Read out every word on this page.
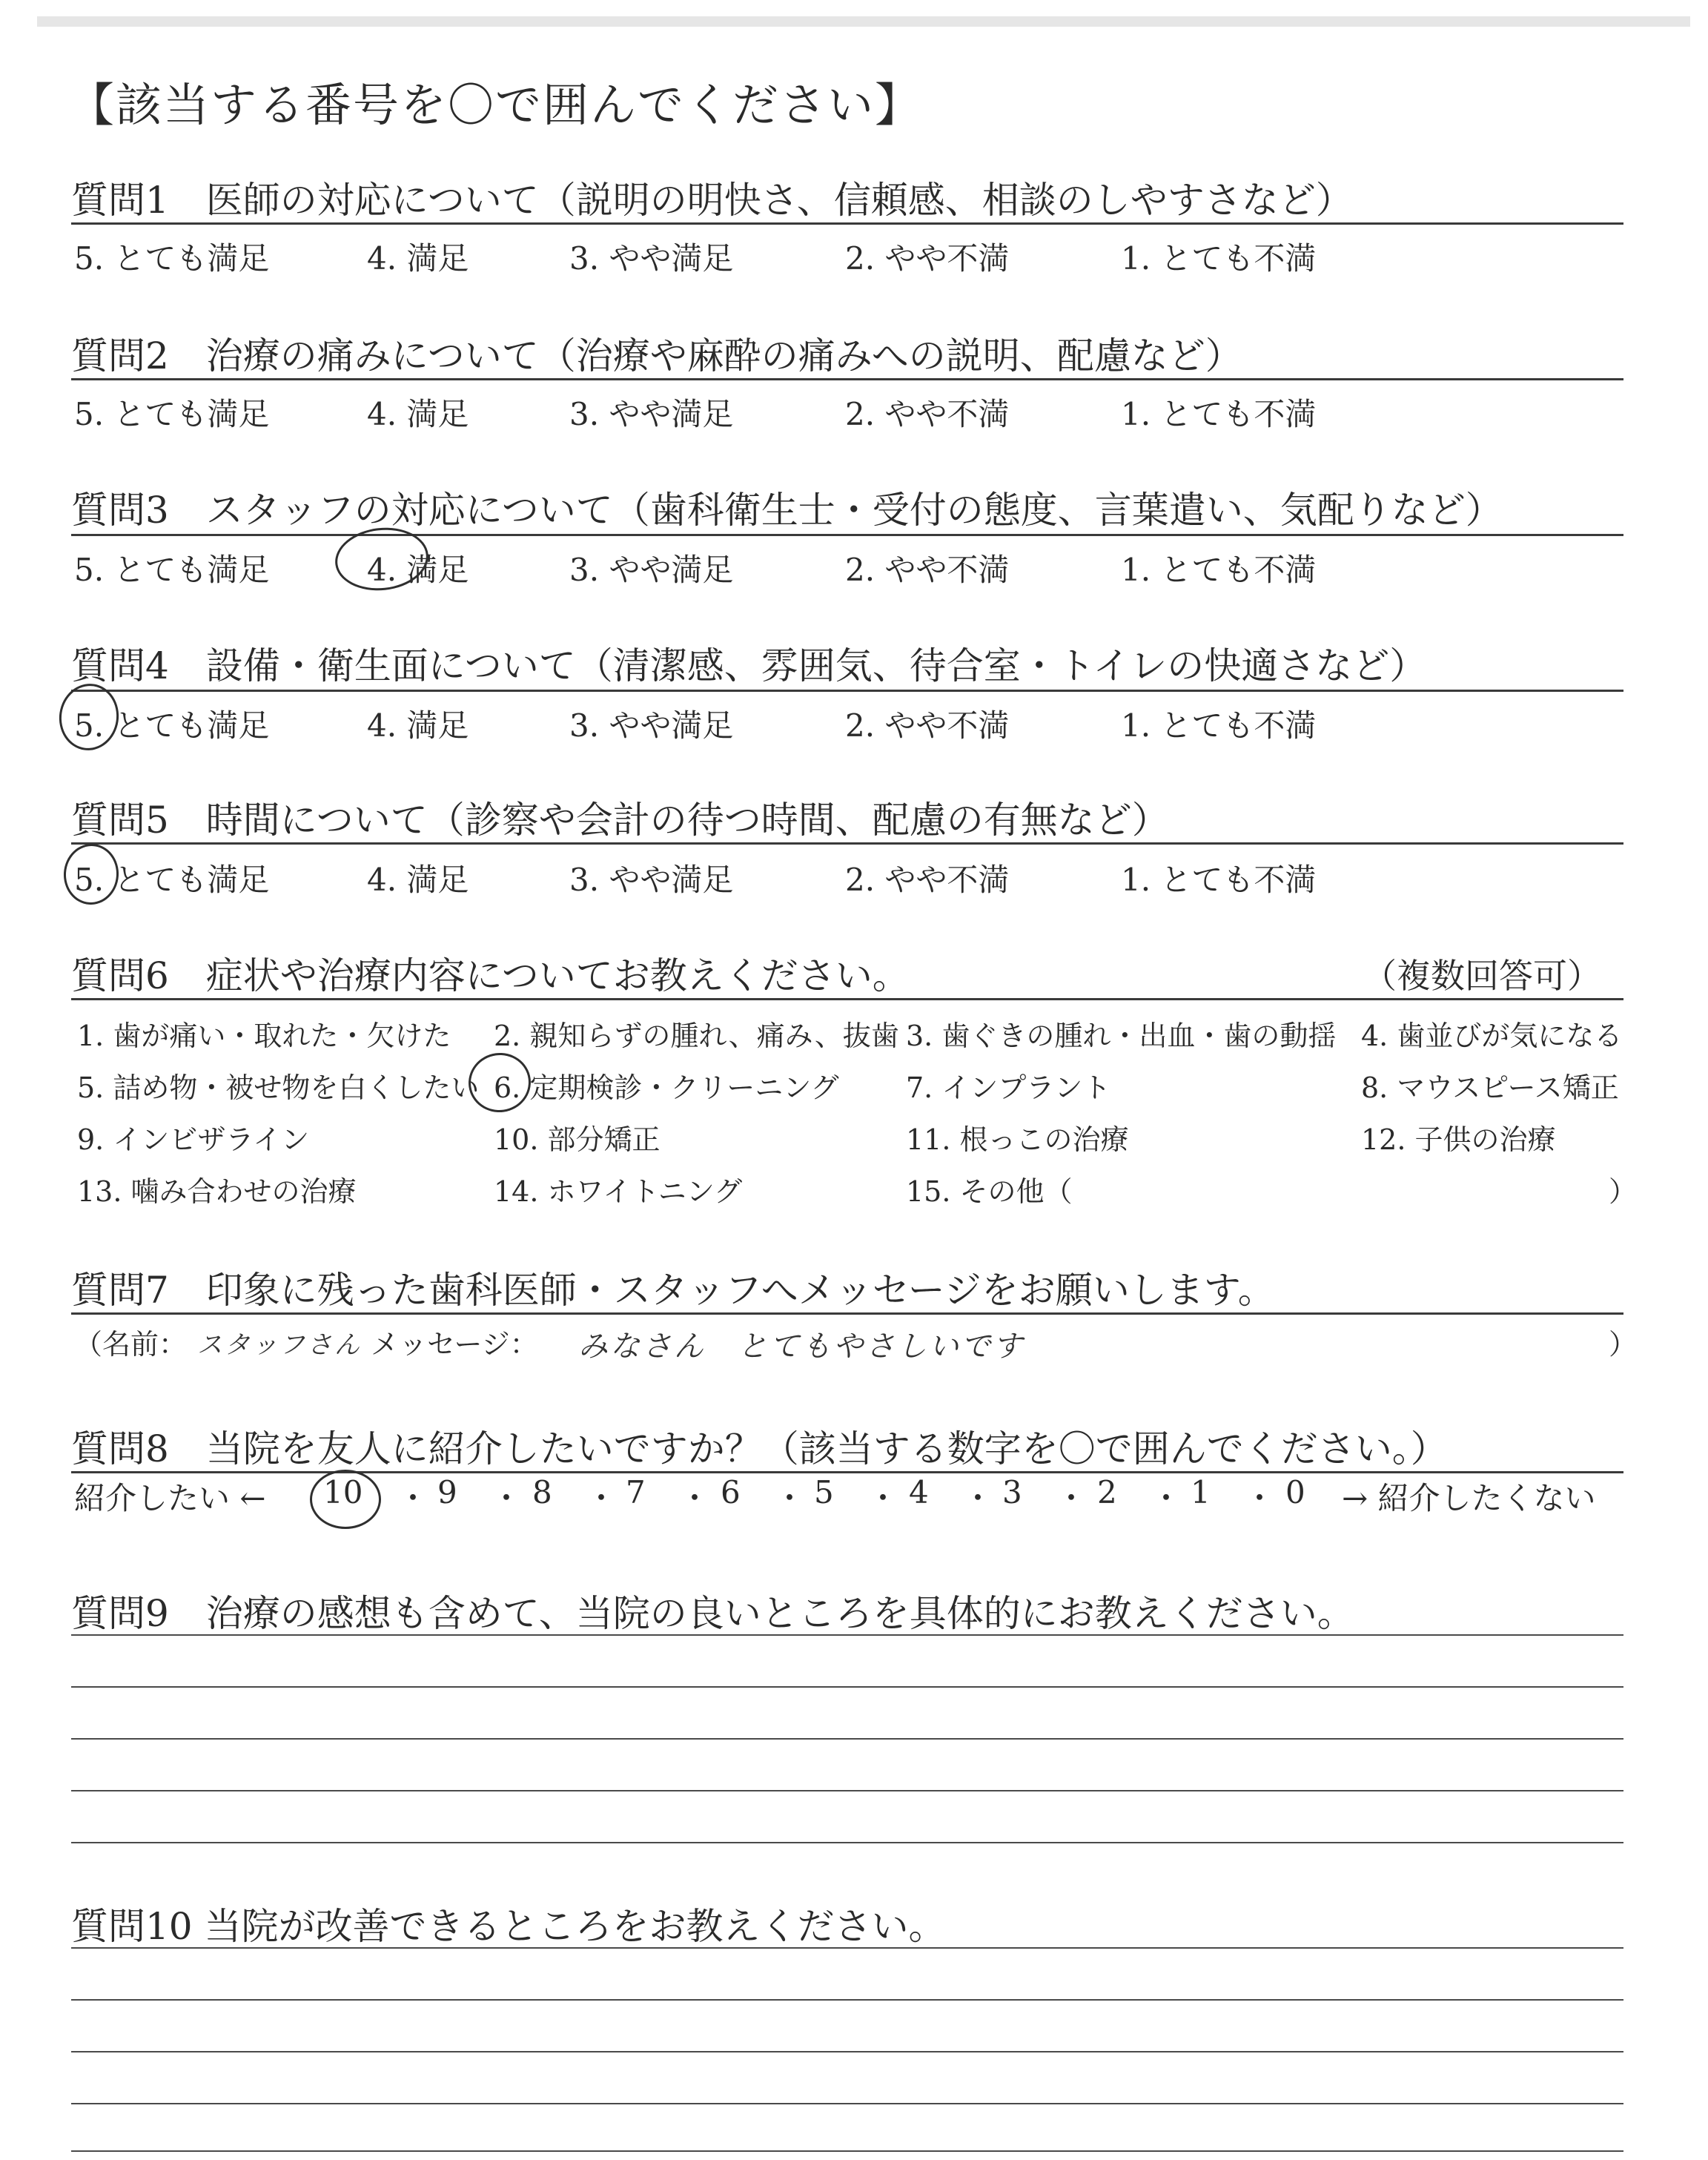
【該当する番号を〇で囲んでください】
質問1　医師の対応について（説明の明快さ、信頼感、相談のしやすさなど）
5. とても満足	4. 満足	3. やや満足	2. やや不満	1. とても不満
質問2　治療の痛みについて（治療や麻酔の痛みへの説明、配慮など）
5. とても満足	4. 満足	3. やや満足	2. やや不満	1. とても不満
質問3　スタッフの対応について（歯科衛生士・受付の態度、言葉遣い、気配りなど）
5. とても満足	4. 満足	3. やや満足	2. やや不満	1. とても不満
質問4　設備・衛生面について（清潔感、雰囲気、待合室・トイレの快適さなど）
5. とても満足	4. 満足	3. やや満足	2. やや不満	1. とても不満
質問5　時間について（診察や会計の待つ時間、配慮の有無など）
5. とても満足	4. 満足	3. やや満足	2. やや不満	1. とても不満
質問6　症状や治療内容についてお教えください。	（複数回答可）
1. 歯が痛い・取れた・欠けた 2. 親知らずの腫れ、痛み、抜歯 3. 歯ぐきの腫れ・出血・歯の動揺 4. 歯並びが気になる
5. 詰め物・被せ物を白くしたい 6. 定期検診・クリーニング 7. インプラント	8. マウスピース矯正
9. インビザライン	10. 部分矯正	11. 根っこの治療	12. 子供の治療
13. 噛み合わせの治療	14. ホワイトニング	15. その他（	）
質問7　印象に残った歯科医師・スタッフへメッセージをお願いします。
（名前： スタッフさん メッセージ： みなさん　とてもやさしいです	）
質問8　当院を友人に紹介したいですか？（該当する数字を〇で囲んでください。）
紹介したい ← 10 ・ 9 ・ 8 ・ 7 ・ 6 ・ 5 ・ 4 ・ 3 ・ 2 ・ 1 ・ 0 → 紹介したくない
質問9　治療の感想も含めて、当院の良いところを具体的にお教えください。
質問10 当院が改善できるところをお教えください。
